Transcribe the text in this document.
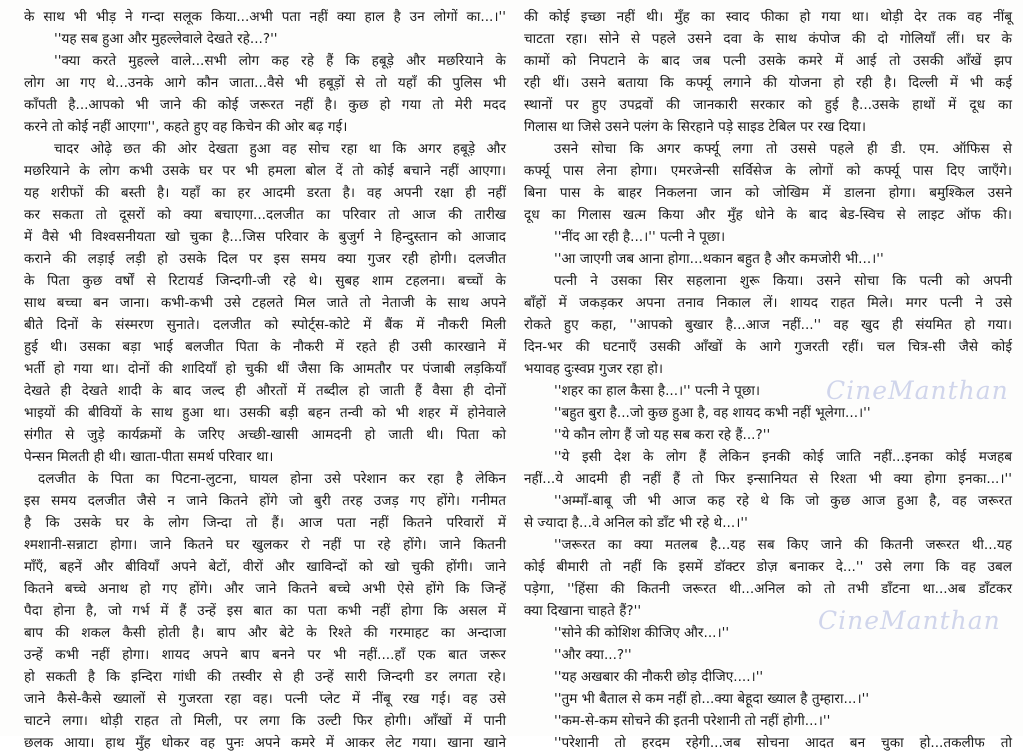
के साथ भी भीड़ ने गन्दा सलूक किया...अभी पता नहीं क्या हाल है उन लोगों का...।''
''यह सब हुआ और मुहल्लेवाले देखते रहे...?''
''क्या करते मुहल्ले वाले...सभी लोग कह रहे हैं कि हबूड़े और मछरियाने के
लोग आ गए थे...उनके आगे कौन जाता...वैसे भी हबूड़ों से तो यहाँ की पुलिस भी
काँपती है...आपको भी जाने की कोई जरूरत नहीं है। कुछ हो गया तो मेरी मदद
करने तो कोई नहीं आएगा'', कहते हुए वह किचेन की ओर बढ़ गई।
चादर ओढ़े छत की ओर देखता हुआ वह सोच रहा था कि अगर हबूड़े और
मछरियाने के लोग कभी उसके घर पर भी हमला बोल दें तो कोई बचाने नहीं आएगा।
यह शरीफों की बस्ती है। यहाँ का हर आदमी डरता है। वह अपनी रक्षा ही नहीं
कर सकता तो दूसरों को क्या बचाएगा...दलजीत का परिवार तो आज की तारीख
में वैसे भी विश्वसनीयता खो चुका है...जिस परिवार के बुजुर्ग ने हिन्दुस्तान को आजाद
कराने की लड़ाई लड़ी हो उसके दिल पर इस समय क्या गुजर रही होगी। दलजीत
के पिता कुछ वर्षों से रिटायर्ड जिन्दगी-जी रहे थे। सुबह शाम टहलना। बच्चों के
साथ बच्चा बन जाना। कभी-कभी उसे टहलते मिल जाते तो नेताजी के साथ अपने
बीते दिनों के संस्मरण सुनाते। दलजीत को स्पोर्ट्स-कोटे में बैंक में नौकरी मिली
हुई थी। उसका बड़ा भाई बलजीत पिता के नौकरी में रहते ही उसी कारखाने में
भर्ती हो गया था। दोनों की शादियाँ हो चुकी थीं जैसा कि आमतौर पर पंजाबी लड़कियाँ
देखते ही देखते शादी के बाद जल्द ही औरतों में तब्दील हो जाती हैं वैसा ही दोनों
भाइयों की बीवियों के साथ हुआ था। उसकी बड़ी बहन तन्वी को भी शहर में होनेवाले
संगीत से जुड़े कार्यक्रमों के जरिए अच्छी-खासी आमदनी हो जाती थी। पिता को
पेन्सन मिलती ही थी। खाता-पीता समर्थ परिवार था।
दलजीत के पिता का पिटना-लुटना, घायल होना उसे परेशान कर रहा है लेकिन
इस समय दलजीत जैसे न जाने कितने होंगे जो बुरी तरह उजड़ गए होंगे। गनीमत
है कि उसके घर के लोग जिन्दा तो हैं। आज पता नहीं कितने परिवारों में
श्मशानी-सन्नाटा होगा। जाने कितने घर खुलकर रो नहीं पा रहे होंगे। जाने कितनी
माँएँ, बहनें और बीवियाँ अपने बेटों, वीरों और खाविन्दों को खो चुकी होंगी। जाने
कितने बच्चे अनाथ हो गए होंगे। और जाने कितने बच्चे अभी ऐसे होंगे कि जिन्हें
पैदा होना है, जो गर्भ में हैं उन्हें इस बात का पता कभी नहीं होगा कि असल में
बाप की शकल कैसी होती है। बाप और बेटे के रिश्ते की गरमाहट का अन्दाजा
उन्हें कभी नहीं होगा। शायद अपने बाप बनने पर भी नहीं....हाँ एक बात जरूर
हो सकती है कि इन्दिरा गांधी की तस्वीर से ही उन्हें सारी जिन्दगी डर लगता रहे।
जाने कैसे-कैसे ख्यालों से गुजरता रहा वह। पत्नी प्लेट में नींबू रख गई। वह उसे
चाटने लगा। थोड़ी राहत तो मिली, पर लगा कि उल्टी फिर होगी। आँखों में पानी
छलक आया। हाथ मुँह धोकर वह पुनः अपने कमरे में आकर लेट गया। खाना खाने
की कोई इच्छा नहीं थी। मुँह का स्वाद फीका हो गया था। थोड़ी देर तक वह नींबू
चाटता रहा। सोने से पहले उसने दवा के साथ कंपोज की दो गोलियाँ लीं। घर के
कामों को निपटाने के बाद जब पत्नी उसके कमरे में आई तो उसकी आँखें झप
रही थीं। उसने बताया कि कर्फ्यू लगाने की योजना हो रही है। दिल्ली में भी कई
स्थानों पर हुए उपद्रवों की जानकारी सरकार को हुई है...उसके हाथों में दूध का
गिलास था जिसे उसने पलंग के सिरहाने पड़े साइड टेबिल पर रख दिया।
उसने सोचा कि अगर कर्फ्यू लगा तो उससे पहले ही डी. एम. ऑफिस से
कर्फ्यू पास लेना होगा। एमरजेन्सी सर्विसेज के लोगों को कर्फ्यू पास दिए जाएँगे।
बिना पास के बाहर निकलना जान को जोखिम में डालना होगा। बमुश्किल उसने
दूध का गिलास खत्म किया और मुँह धोने के बाद बेड-स्विच से लाइट ऑफ की।
''नींद आ रही है...।'' पत्नी ने पूछा।
''आ जाएगी जब आना होगा...थकान बहुत है और कमजोरी भी...।''
पत्नी ने उसका सिर सहलाना शुरू किया। उसने सोचा कि पत्नी को अपनी
बाँहों में जकड़कर अपना तनाव निकाल लें। शायद राहत मिले। मगर पत्नी ने उसे
रोकते हुए कहा, ''आपको बुखार है...आज नहीं...'' वह खुद ही संयमित हो गया।
दिन-भर की घटनाएँ उसकी आँखों के आगे गुजरती रहीं। चल चित्र-सी जैसे कोई
भयावह दुःस्वप्न गुजर रहा हो।
''शहर का हाल कैसा है...।'' पत्नी ने पूछा।
''बहुत बुरा है...जो कुछ हुआ है, वह शायद कभी नहीं भूलेगा...।''
''ये कौन लोग हैं जो यह सब करा रहे हैं...?''
''ये इसी देश के लोग हैं लेकिन इनकी कोई जाति नहीं...इनका कोई मजहब
नहीं...ये आदमी ही नहीं हैं तो फिर इन्सानियत से रिश्ता भी क्या होगा इनका...।''
''अम्माँ-बाबू जी भी आज कह रहे थे कि जो कुछ आज हुआ है, वह जरूरत
से ज्यादा है...वे अनिल को डाँट भी रहे थे...।''
''जरूरत का क्या मतलब है...यह सब किए जाने की कितनी जरूरत थी...यह
कोई बीमारी तो नहीं कि इसमें डॉक्टर डोज़ बनाकर दे...'' उसे लगा कि वह उबल
पड़ेगा, ''हिंसा की कितनी जरूरत थी...अनिल को तो तभी डाँटना था...अब डाँटकर
क्या दिखाना चाहते हैं?''
''सोने की कोशिश कीजिए और...।''
''और क्या...?''
''यह अखबार की नौकरी छोड़ दीजिए....।''
''तुम भी बैताल से कम नहीं हो...क्या बेहूदा ख्याल है तुम्हारा...।''
''कम-से-कम सोचने की इतनी परेशानी तो नहीं होगी...।''
''परेशानी तो हरदम रहेगी...जब सोचना आदत बन चुका हो...तकलीफ तो
CineManthan
CineManthan
